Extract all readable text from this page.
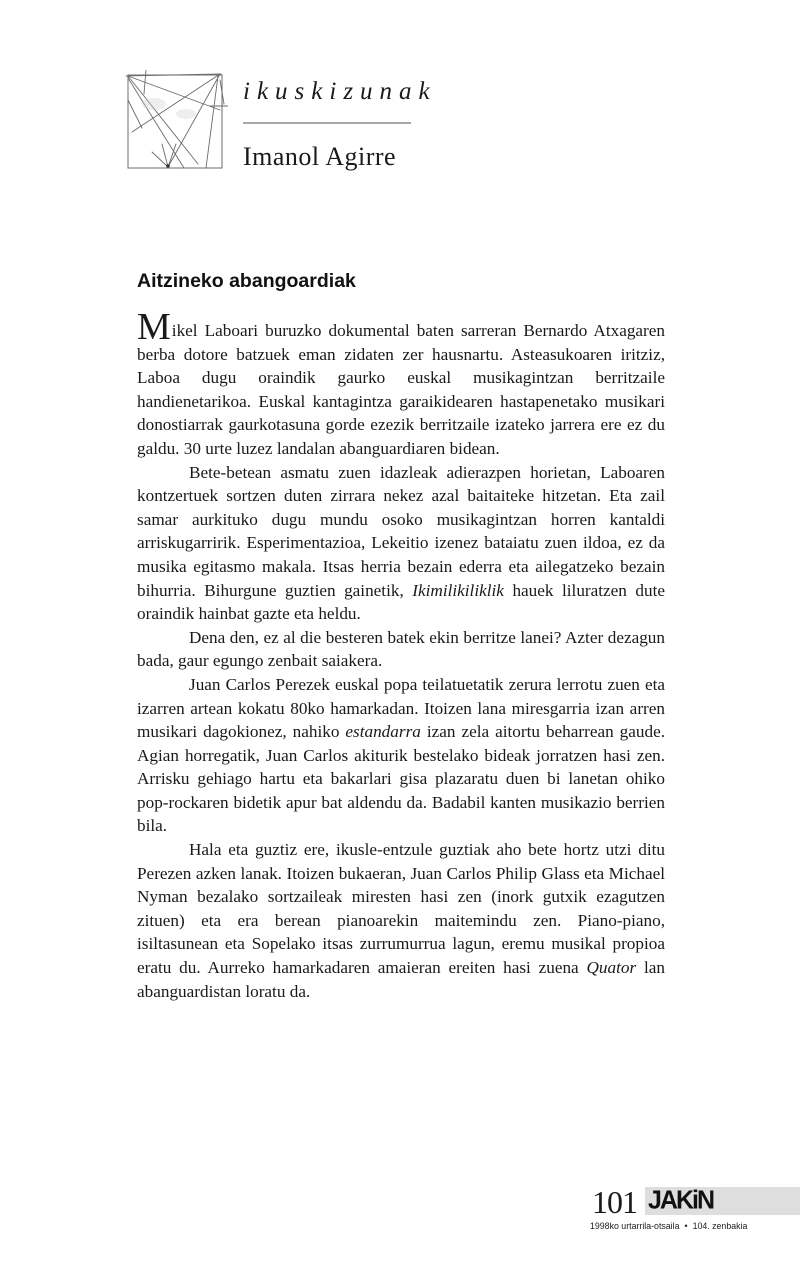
ikuskizunak
Imanol Agirre
Aitzineko abangoardiak

Mikel Laboari buruzko dokumental baten sarreran Bernardo Atxagaren berba dotore batzuek eman zidaten zer hausnartu. Asteasukoaren iritziz, Laboa dugu oraindik gaurko euskal musikagintzan berritzaile handienetarikoa. Euskal kantagintza garaikidearen hastapenetako musikari donostiarrak gaurkotasuna gorde ezezik berritzaile izateko jarrera ere ez du galdu. 30 urte luzez landalan abanguardiaren bidean.

Bete-betean asmatu zuen idazleak adierazpen horietan, Laboaren kontzertuek sortzen duten zirrara nekez azal baitaiteke hitzetan. Eta zail samar aurkituko dugu mundu osoko musikagintzan horren kantaldi arriskugarririk. Esperimentazioa, Lekeitio izenez bataiatu zuen ildoa, ez da musika egitasmo makala. Itsas herria bezain ederra eta ailegatzeko bezain bihurria. Bihurgune guztien gainetik, Ikimilikiliklik hauek liluratzen dute oraindik hainbat gazte eta heldu.

Dena den, ez al die besteren batek ekin berritze lanei? Azter dezagun bada, gaur egungo zenbait saiakera.

Juan Carlos Perezek euskal popa teilatuetatik zerura lerrotu zuen eta izarren artean kokatu 80ko hamarkadan. Itoizen lana miresgarria izan arren musikari dagokionez, nahiko estandarra izan zela aitortu beharrean gaude. Agian horregatik, Juan Carlos akiturik bestelako bideak jorratzen hasi zen. Arrisku gehiago hartu eta bakarlari gisa plazaratu duen bi lanetan ohiko pop-rockaren bidetik apur bat aldendu da. Badabil kanten musikazio berrien bila.

Hala eta guztiz ere, ikusle-entzule guztiak aho bete hortz utzi ditu Perezen azken lanak. Itoizen bukaeran, Juan Carlos Philip Glass eta Michael Nyman bezalako sortzaileak miresten hasi zen (inork gutxik ezagutzen zituen) eta era berean pianoarekin maitemindu zen. Piano-piano, isiltasunean eta Sopelako itsas zurrumurrua lagun, eremu musikal propioa eratu du. Aurreko hamarkadaren amaieran ereiten hasi zuena Quator lan abanguardistan loratu da.

101 JAKiN
1998ko urtarrila-otsaila • 104. zenbakia
